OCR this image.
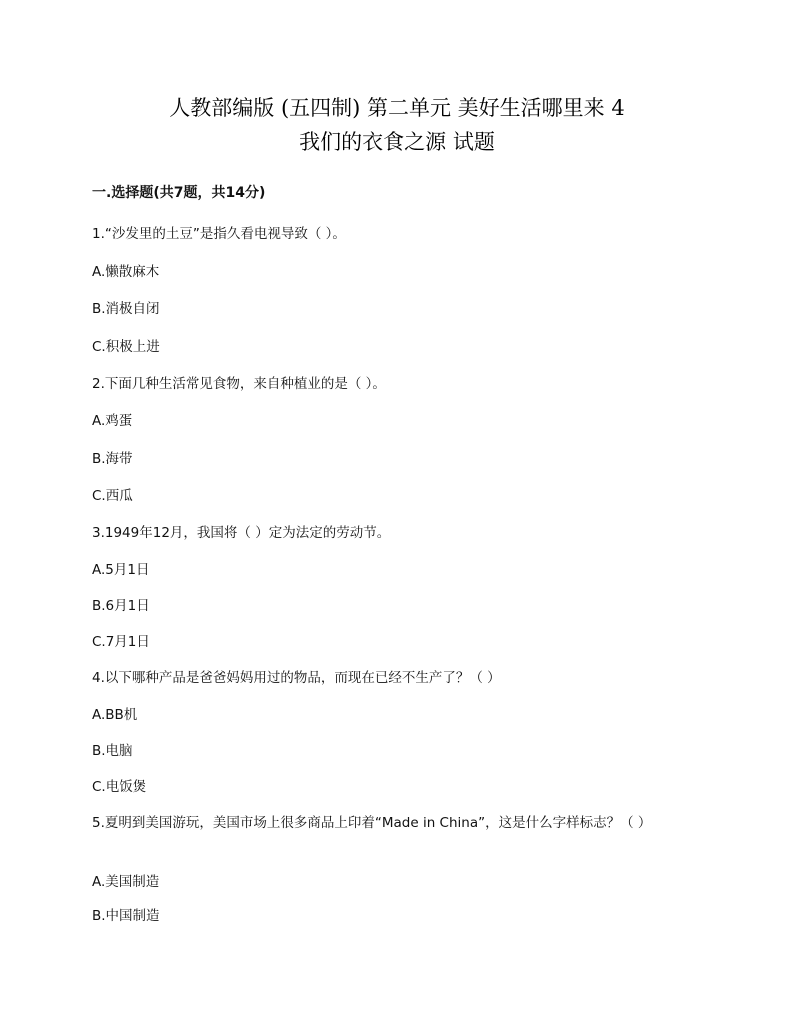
人教部编版 (五四制) 第二单元 美好生活哪里来 4
我们的衣食之源 试题
一.选择题(共7题，共14分)
1.“沙发里的土豆”是指久看电视导致（ ）。
A.懒散麻木
B.消极自闭
C.积极上进
2.下面几种生活常见食物，来自种植业的是（ ）。
A.鸡蛋
B.海带
C.西瓜
3.1949年12月，我国将（ ）定为法定的劳动节。
A.5月1日
B.6月1日
C.7月1日
4.以下哪种产品是爸爸妈妈用过的物品，而现在已经不生产了？（ ）
A.BB机
B.电脑
C.电饭煲
5.夏明到美国游玩，美国市场上很多商品上印着“Made in China”，这是什么字样标志？（ ）
A.美国制造
B.中国制造
